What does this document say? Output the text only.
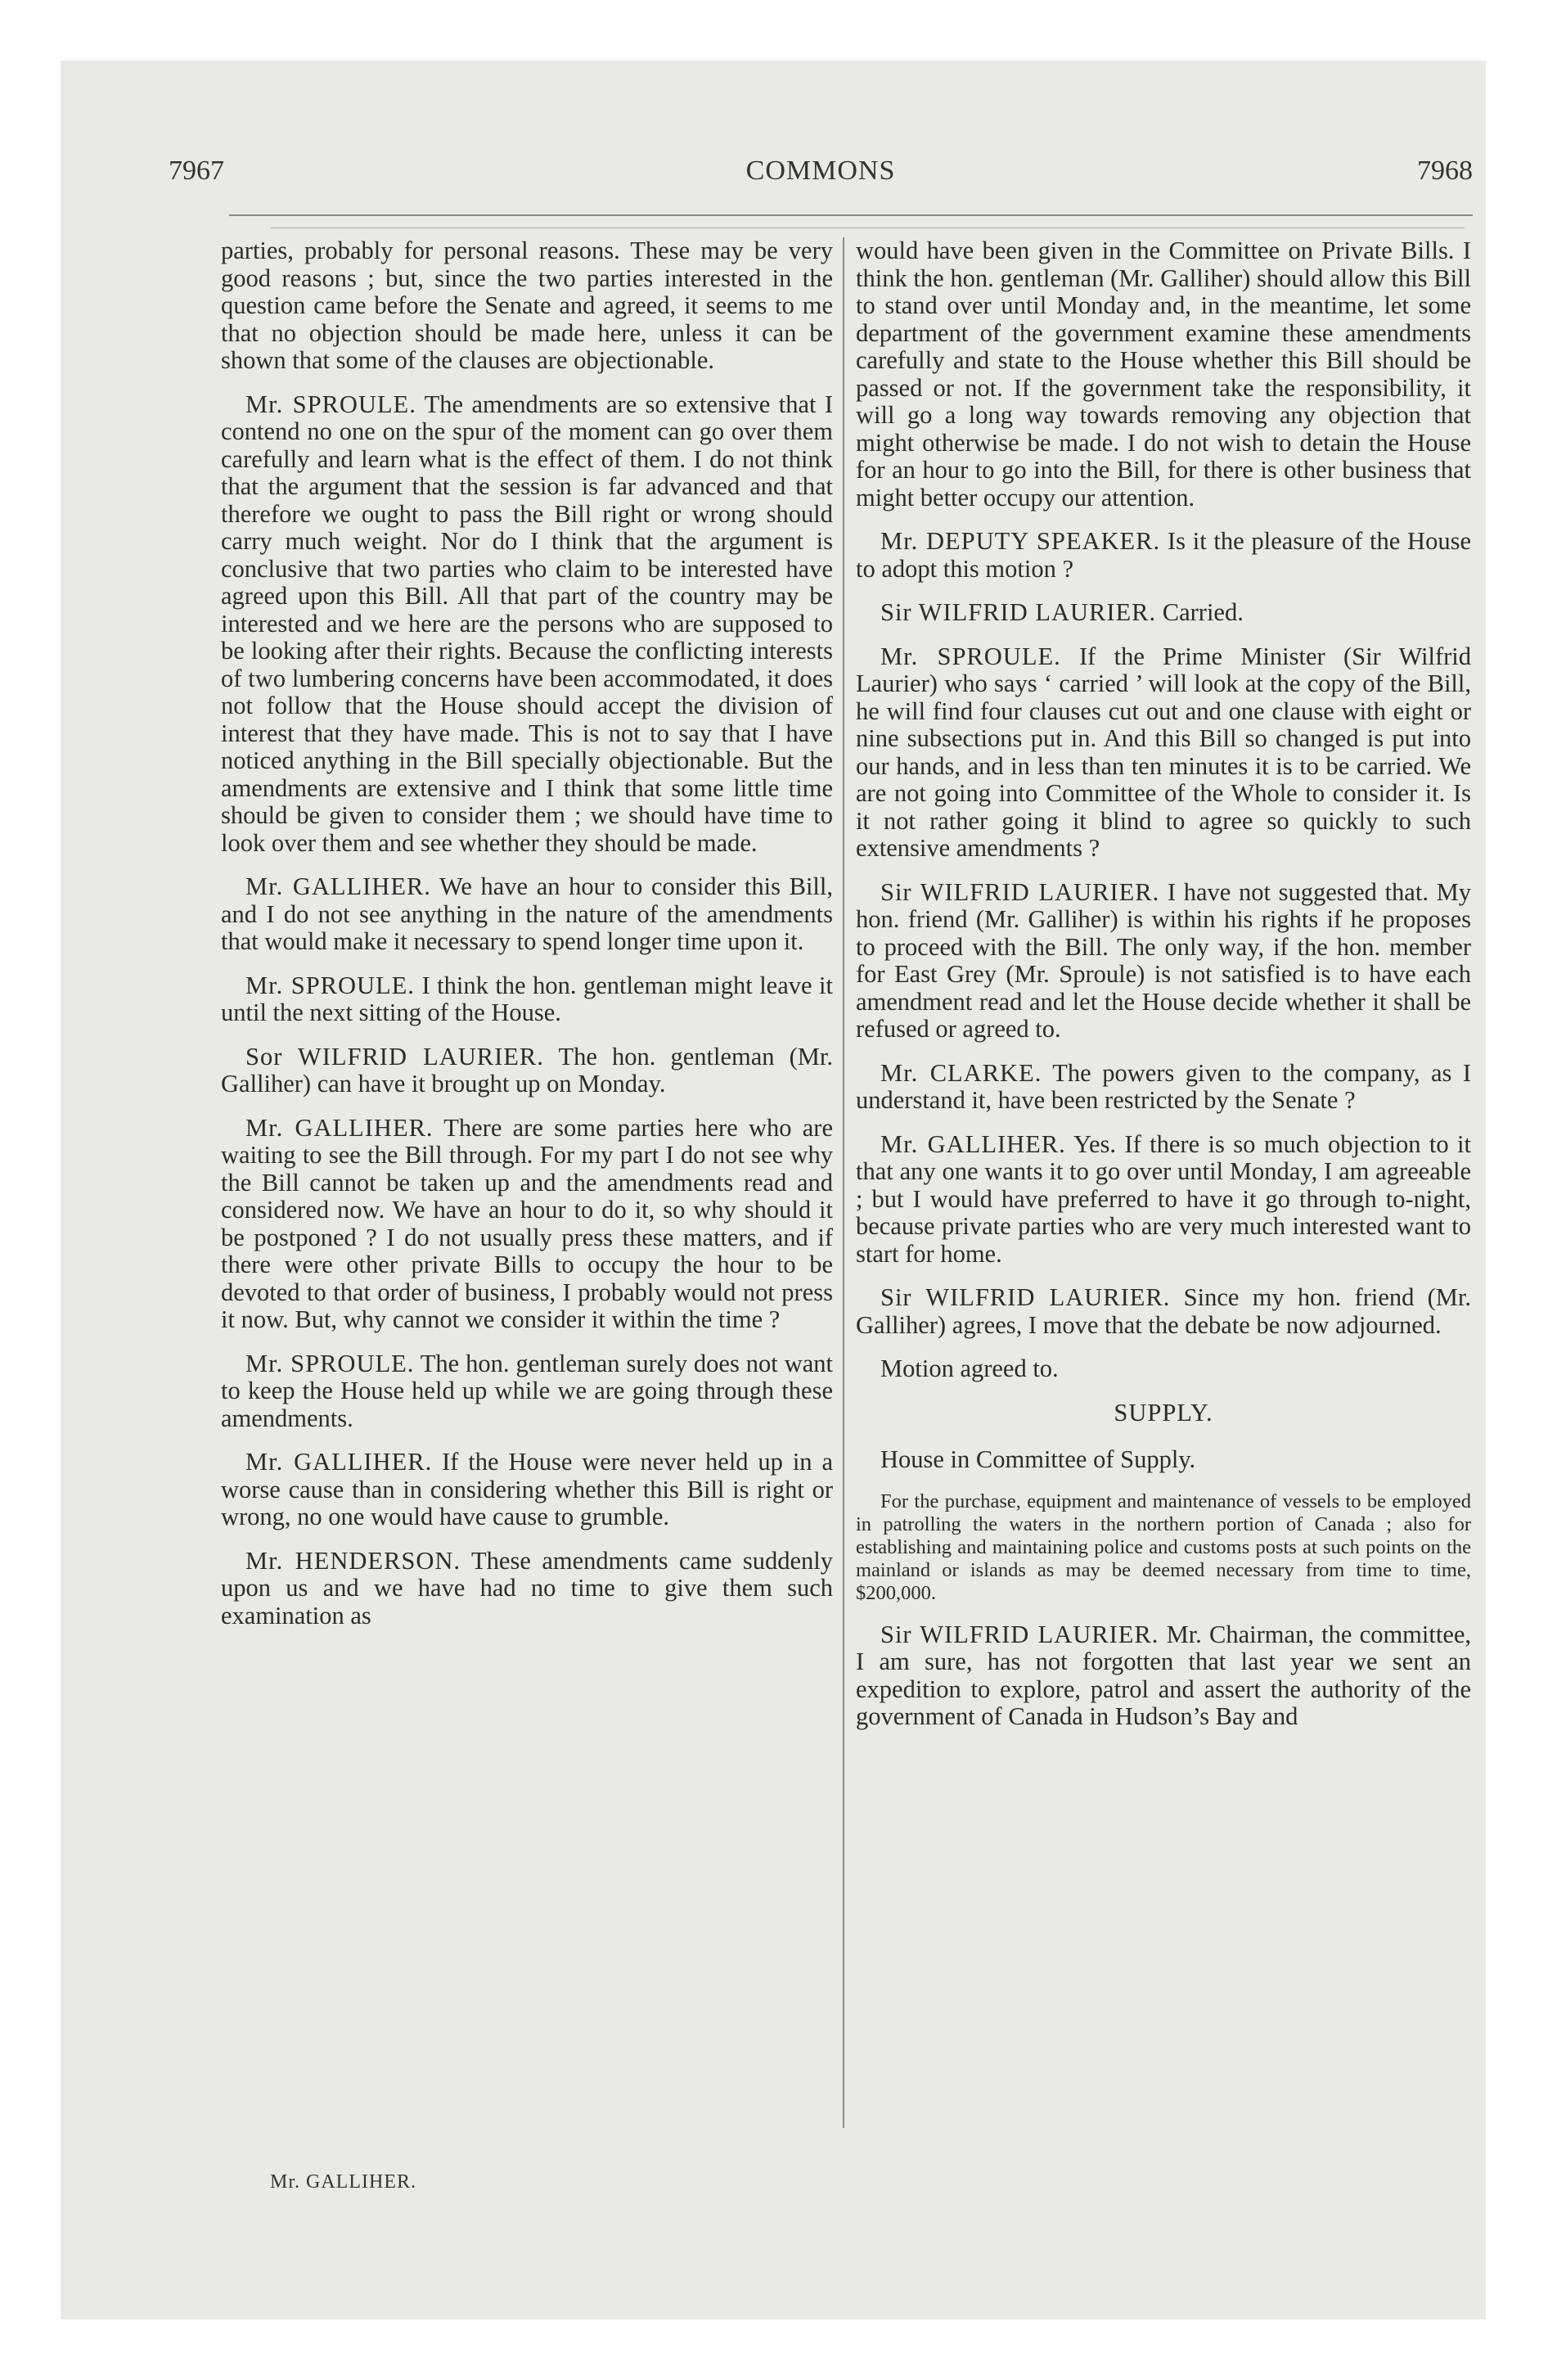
7967	COMMONS	7968

parties, probably for personal reasons. These may be very good reasons ; but, since the two parties interested in the question came before the Senate and agreed, it seems to me that no objection should be made here, unless it can be shown that some of the clauses are objectionable.

Mr. SPROULE. The amendments are so extensive that I contend no one on the spur of the moment can go over them carefully and learn what is the effect of them. I do not think that the argument that the session is far advanced and that therefore we ought to pass the Bill right or wrong should carry much weight. Nor do I think that the argument is conclusive that two parties who claim to be interested have agreed upon this Bill. All that part of the country may be interested and we here are the persons who are supposed to be looking after their rights. Because the conflicting interests of two lumbering concerns have been accommodated, it does not follow that the House should accept the division of interest that they have made. This is not to say that I have noticed anything in the Bill specially objectionable. But the amendments are extensive and I think that some little time should be given to consider them ; we should have time to look over them and see whether they should be made.

Mr. GALLIHER. We have an hour to consider this Bill, and I do not see anything in the nature of the amendments that would make it necessary to spend longer time upon it.

Mr. SPROULE. I think the hon. gentleman might leave it until the next sitting of the House.

Sor WILFRID LAURIER. The hon. gentleman (Mr. Galliher) can have it brought up on Monday.

Mr. GALLIHER. There are some parties here who are waiting to see the Bill through. For my part I do not see why the Bill cannot be taken up and the amendments read and considered now. We have an hour to do it, so why should it be postponed ? I do not usually press these matters, and if there were other private Bills to occupy the hour to be devoted to that order of business, I probably would not press it now. But, why cannot we consider it within the time ?

Mr. SPROULE. The hon. gentleman surely does not want to keep the House held up while we are going through these amendments.

Mr. GALLIHER. If the House were never held up in a worse cause than in considering whether this Bill is right or wrong, no one would have cause to grumble.

Mr. HENDERSON. These amendments came suddenly upon us and we have had no time to give them such examination as

Mr. GALLIHER.

would have been given in the Committee on Private Bills. I think the hon. gentleman (Mr. Galliher) should allow this Bill to stand over until Monday and, in the meantime, let some department of the government examine these amendments carefully and state to the House whether this Bill should be passed or not. If the government take the responsibility, it will go a long way towards removing any objection that might otherwise be made. I do not wish to detain the House for an hour to go into the Bill, for there is other business that might better occupy our attention.

Mr. DEPUTY SPEAKER. Is it the pleasure of the House to adopt this motion ?

Sir WILFRID LAURIER. Carried.

Mr. SPROULE. If the Prime Minister (Sir Wilfrid Laurier) who says ‘ carried ’ will look at the copy of the Bill, he will find four clauses cut out and one clause with eight or nine subsections put in. And this Bill so changed is put into our hands, and in less than ten minutes it is to be carried. We are not going into Committee of the Whole to consider it. Is it not rather going it blind to agree so quickly to such extensive amendments ?

Sir WILFRID LAURIER. I have not suggested that. My hon. friend (Mr. Galliher) is within his rights if he proposes to proceed with the Bill. The only way, if the hon. member for East Grey (Mr. Sproule) is not satisfied is to have each amendment read and let the House decide whether it shall be refused or agreed to.

Mr. CLARKE. The powers given to the company, as I understand it, have been restricted by the Senate ?

Mr. GALLIHER. Yes. If there is so much objection to it that any one wants it to go over until Monday, I am agreeable ; but I would have preferred to have it go through to-night, because private parties who are very much interested want to start for home.

Sir WILFRID LAURIER. Since my hon. friend (Mr. Galliher) agrees, I move that the debate be now adjourned.

Motion agreed to.

SUPPLY.

House in Committee of Supply.

For the purchase, equipment and maintenance of vessels to be employed in patrolling the waters in the northern portion of Canada ; also for establishing and maintaining police and customs posts at such points on the mainland or islands as may be deemed necessary from time to time, $200,000.

Sir WILFRID LAURIER. Mr. Chairman, the committee, I am sure, has not forgotten that last year we sent an expedition to explore, patrol and assert the authority of the government of Canada in Hudson’s Bay and
